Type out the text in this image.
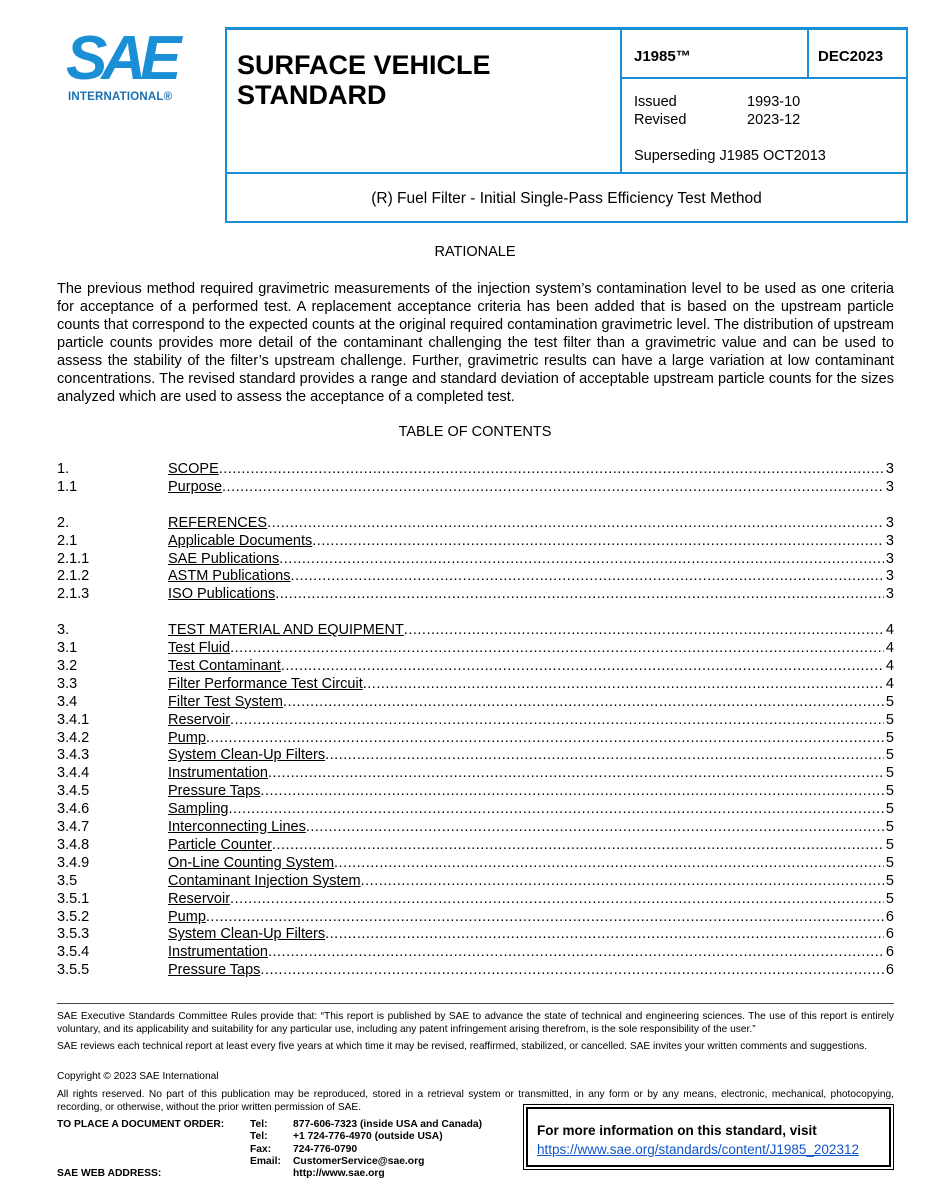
SAE
INTERNATIONAL®
SURFACE VEHICLE STANDARD
J1985™	DEC2023
Issued	1993-10
Revised	2023-12
Superseding J1985 OCT2013
(R) Fuel Filter - Initial Single-Pass Efficiency Test Method
RATIONALE
The previous method required gravimetric measurements of the injection system’s contamination level to be used as one criteria for acceptance of a performed test. A replacement acceptance criteria has been added that is based on the upstream particle counts that correspond to the expected counts at the original required contamination gravimetric level. The distribution of upstream particle counts provides more detail of the contaminant challenging the test filter than a gravimetric value and can be used to assess the stability of the filter’s upstream challenge. Further, gravimetric results can have a large variation at low contaminant concentrations. The revised standard provides a range and standard deviation of acceptable upstream particle counts for the sizes analyzed which are used to assess the acceptance of a completed test.
TABLE OF CONTENTS
1.	SCOPE .....	3
1.1	Purpose .....	3
2.	REFERENCES .....	3
2.1	Applicable Documents .....	3
2.1.1	SAE Publications .....	3
2.1.2	ASTM Publications .....	3
2.1.3	ISO Publications .....	3
3.	TEST MATERIAL AND EQUIPMENT .....	4
3.1	Test Fluid .....	4
3.2	Test Contaminant .....	4
3.3	Filter Performance Test Circuit .....	4
3.4	Filter Test System .....	5
3.4.1	Reservoir .....	5
3.4.2	Pump .....	5
3.4.3	System Clean-Up Filters .....	5
3.4.4	Instrumentation .....	5
3.4.5	Pressure Taps .....	5
3.4.6	Sampling .....	5
3.4.7	Interconnecting Lines .....	5
3.4.8	Particle Counter .....	5
3.4.9	On-Line Counting System .....	5
3.5	Contaminant Injection System .....	5
3.5.1	Reservoir .....	5
3.5.2	Pump .....	6
3.5.3	System Clean-Up Filters .....	6
3.5.4	Instrumentation .....	6
3.5.5	Pressure Taps .....	6
SAE Executive Standards Committee Rules provide that: “This report is published by SAE to advance the state of technical and engineering sciences. The use of this report is entirely voluntary, and its applicability and suitability for any particular use, including any patent infringement arising therefrom, is the sole responsibility of the user.”
SAE reviews each technical report at least every five years at which time it may be revised, reaffirmed, stabilized, or cancelled. SAE invites your written comments and suggestions.
Copyright © 2023 SAE International
All rights reserved. No part of this publication may be reproduced, stored in a retrieval system or transmitted, in any form or by any means, electronic, mechanical, photocopying, recording, or otherwise, without the prior written permission of SAE.
TO PLACE A DOCUMENT ORDER:
SAE WEB ADDRESS:
Tel:	877-606-7323 (inside USA and Canada)
Tel:	+1 724-776-4970 (outside USA)
Fax:	724-776-0790
Email:	CustomerService@sae.org
http://www.sae.org
For more information on this standard, visit
https://www.sae.org/standards/content/J1985_202312
